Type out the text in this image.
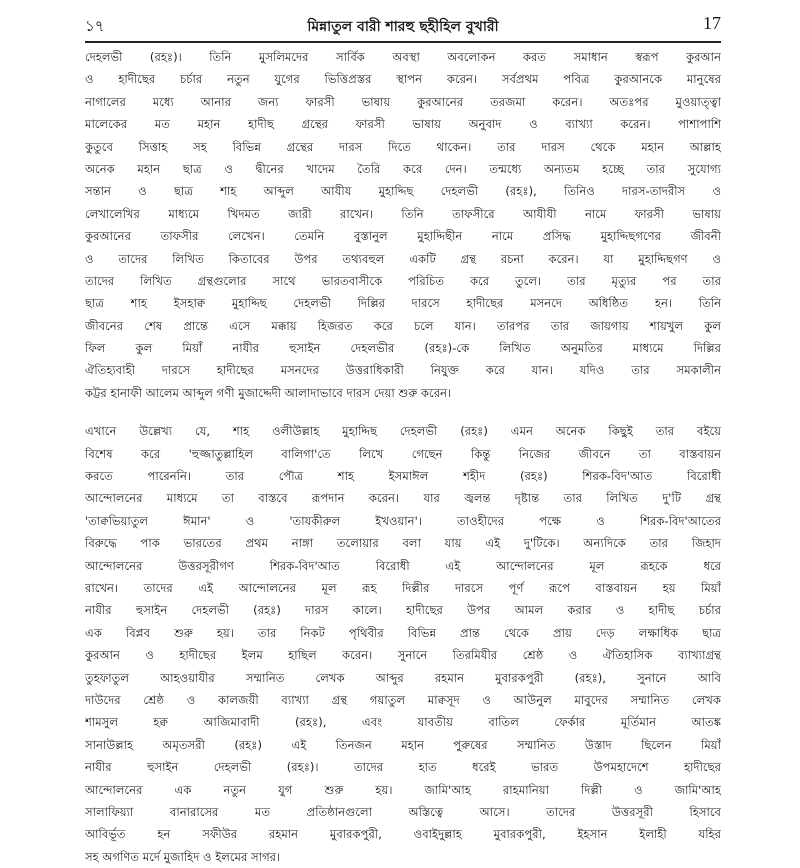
১৭	মিন্নাতুল বারী শারহু ছহীহিল বুখারী	17

দেহলভী (রহঃ)। তিনি মুসলিমদের সার্বিক অবস্থা অবলোকন করত সমাধান স্বরূপ কুরআন

ও হাদীছের চর্চার নতুন যুগের ভিত্তিপ্রস্তর স্থাপন করেন। সর্বপ্রথম পবিত্র কুরআনকে মানুষের

নাগালের মধ্যে আনার জন্য ফারসী ভাষায় কুরআনের তরজমা করেন। অতঃপর মুওয়াত্ত্বা

মালেকের মত মহান হাদীছ গ্রন্থের ফারসী ভাষায় অনুবাদ ও ব্যাখ্যা করেন। পাশাপাশি

কুতুবে সিত্তাহ সহ বিভিন্ন গ্রন্থের দারস দিতে থাকেন। তার দারস থেকে মহান আল্লাহ

অনেক মহান ছাত্র ও দ্বীনের খাদেম তৈরি করে দেন। তন্মধ্যে অন্যতম হচ্ছে তার সুযোগ্য

সন্তান ও ছাত্র শাহ আব্দুল আযীয মুহাদ্দিছ দেহলভী (রহঃ), তিনিও দারস-তাদরীস ও

লেখালেখির মাধ্যমে খিদমত জারী রাখেন। তিনি তাফসীরে আযীযী নামে ফারসী ভাষায়

কুরআনের তাফসীর লেখেন। তেমনি বুস্তানুল মুহাদ্দিছীন নামে প্রসিদ্ধ মুহাদ্দিছগণের জীবনী

ও তাদের লিখিত কিতাবের উপর তথ্যবহুল একটি গ্রন্থ রচনা করেন। যা মুহাদ্দিছগণ ও

তাদের লিখিত গ্রন্থগুলোর সাথে ভারতবাসীকে পরিচিত করে তুলে। তার মৃত্যুর পর তার

ছাত্র শাহ ইসহাক্ব মুহাদ্দিছ দেহলভী দিল্লির দারসে হাদীছের মসনদে অধিষ্ঠিত হন। তিনি

জীবনের শেষ প্রান্তে এসে মক্কায় হিজরত করে চলে যান। তারপর তার জায়গায় শায়খুল কুল

ফিল কুল মিয়াঁ নাযীর হুসাইন দেহলভীর (রহঃ)-কে লিখিত অনুমতির মাধ্যমে দিল্লির

ঐতিহ্যবাহী দারসে হাদীছের মসনদের উত্তরাধিকারী নিযুক্ত করে যান। যদিও তার সমকালীন

কট্টর হানাফী আলেম আব্দুল গণী মুজাদ্দেদী আলাদাভাবে দারস দেয়া শুরু করেন।

এখানে উল্লেখ্য যে, শাহ ওলীউল্লাহ মুহাদ্দিছ দেহলভী (রহঃ) এমন অনেক কিছুই তার বইয়ে

বিশেষ করে 'হুজ্জাতুল্লাহিল বালিগা'তে লিখে গেছেন কিন্তু নিজের জীবনে তা বাস্তবায়ন

করতে পারেননি। তার পৌত্র শাহ ইসমাঈল শহীদ (রহঃ) শিরক-বিদ'আত বিরোধী

আন্দোলনের মাধ্যমে তা বাস্তবে রূপদান করেন। যার জ্বলন্ত দৃষ্টান্ত তার লিখিত দু'টি গ্রন্থ

'তাক্বভিয়াতুল ঈমান' ও 'তাযকীরুল ইখওয়ান'। তাওহীদের পক্ষে ও শিরক-বিদ'আতের

বিরুদ্ধে পাক ভারতের প্রথম নাঙ্গা তলোয়ার বলা যায় এই দু'টিকে। অন্যদিকে তার জিহাদ

আন্দোলনের উত্তরসূরীগণ শিরক-বিদ'আত বিরোধী এই আন্দোলনের মূল রূহকে ধরে

রাখেন। তাদের এই আন্দোলনের মূল রূহ দিল্লীর দারসে পূর্ণ রূপে বাস্তবায়ন হয় মিয়াঁ

নাযীর হুসাইন দেহলভী (রহঃ) দারস কালে। হাদীছের উপর আমল করার ও হাদীছ চর্চার

এক বিপ্লব শুরু হয়। তার নিকট পৃথিবীর বিভিন্ন প্রান্ত থেকে প্রায় দেড় লক্ষাধিক ছাত্র

কুরআন ও হাদীছের ইলম হাছিল করেন। সুনানে তিরমিযীর শ্রেষ্ঠ ও ঐতিহাসিক ব্যাখ্যাগ্রন্থ

তুহফাতুল আহওয়াযীর সম্মানিত লেখক আব্দুর রহমান মুবারকপুরী (রহঃ), সুনানে আবি

দাউদের শ্রেষ্ঠ ও কালজয়ী ব্যাখ্যা গ্রন্থ গয়াতুল মাক্বসূদ ও আউনুল মাবুদের সম্মানিত লেখক

শামসুল হক্ব আজিমাবাদী (রহঃ), এবং যাবতীয় বাতিল ফের্কার মূর্তিমান আতঙ্ক

সানাউল্লাহ অমৃতসরী (রহঃ) এই তিনজন মহান পুরুষের সম্মানিত উস্তাদ ছিলেন মিয়াঁ

নাযীর হুসাইন দেহলভী (রহঃ)। তাদের হাত ধরেই ভারত উপমহাদেশে হাদীছের

আন্দোলনের এক নতুন যুগ শুরু হয়। জামি'আহ রাহমানিয়া দিল্লী ও জামি'আহ

সালাফিয়্যা বানারাসের মত প্রতিষ্ঠানগুলো অস্তিত্বে আসে। তাদের উত্তরসূরী হিসাবে

আবির্ভূত হন সফীউর রহমান মুবারকপুরী, ওবাইদুল্লাহ মুবারকপুরী, ইহসান ইলাহী যহির

সহ অগণিত মর্দে মুজাহিদ ও ইলমের সাগর।
